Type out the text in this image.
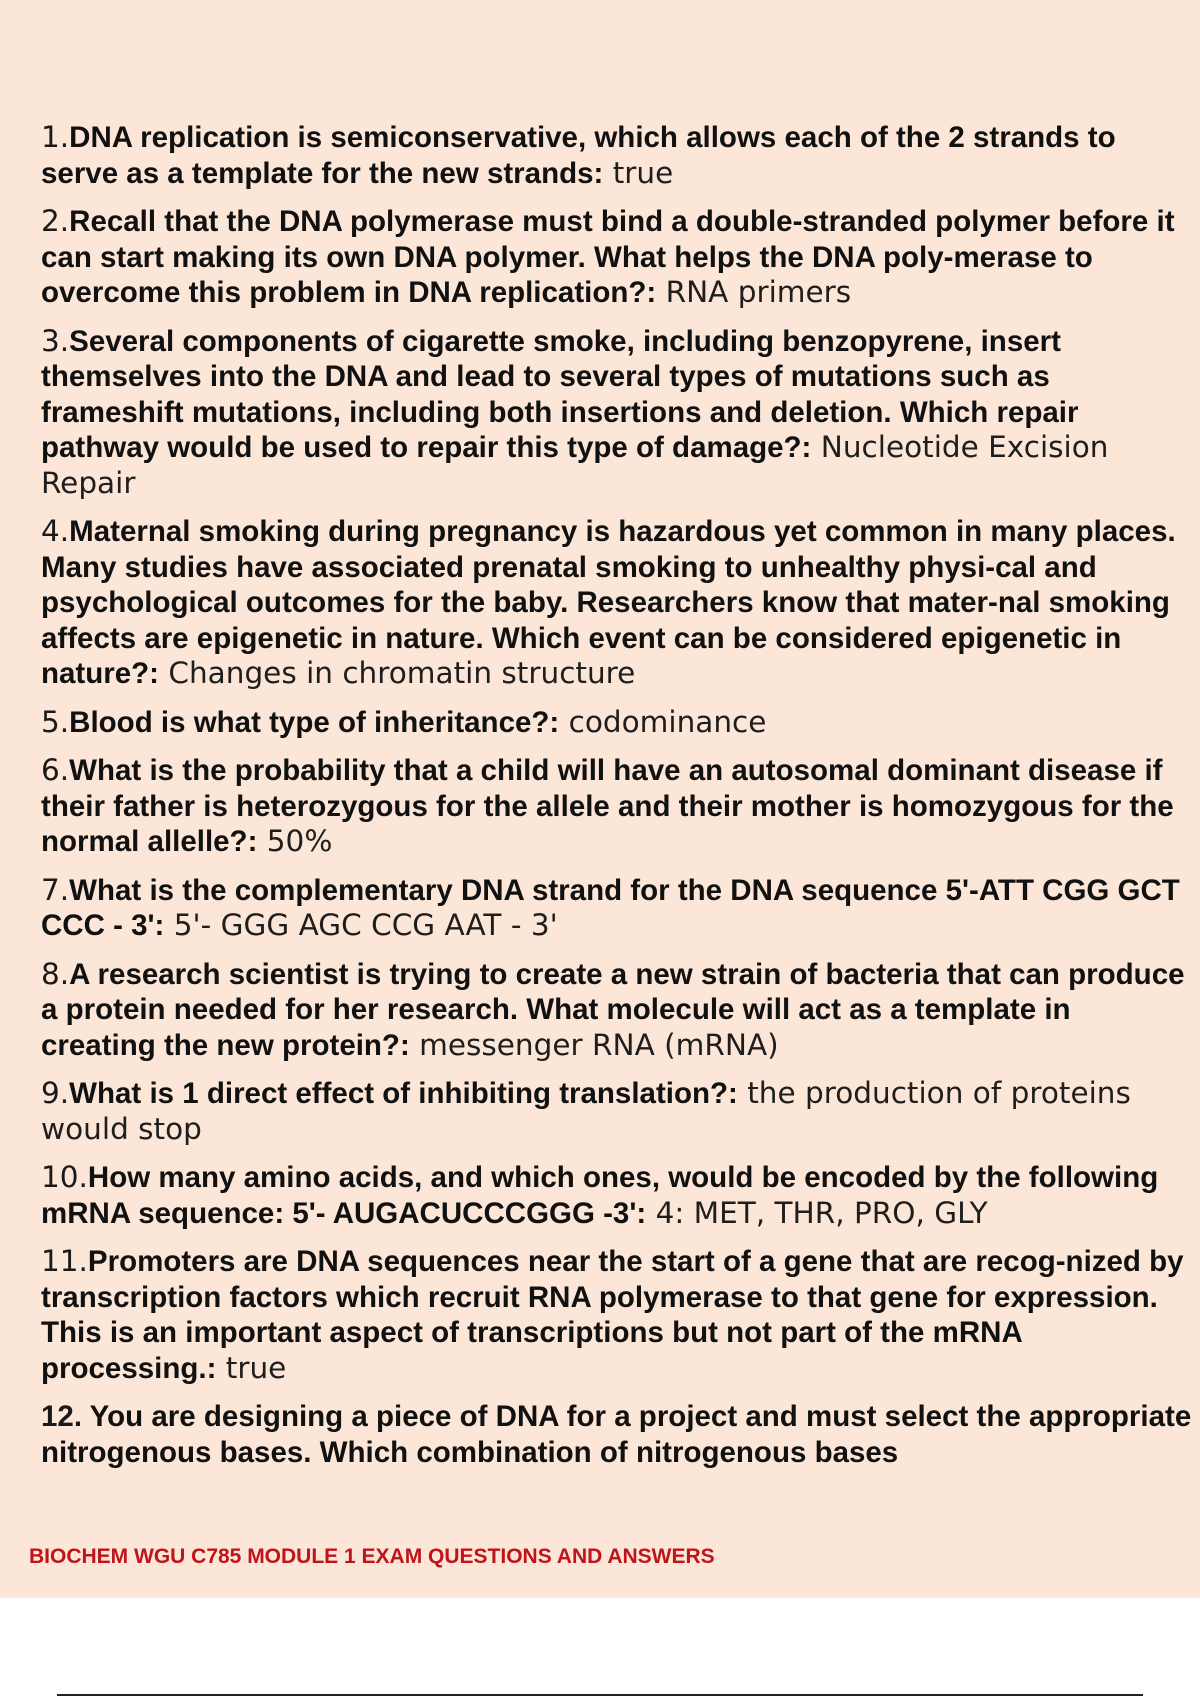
1.DNA replication is semiconservative, which allows each of the 2 strands to serve as a template for the new strands: true
2.Recall that the DNA polymerase must bind a double-stranded polymer before it can start making its own DNA polymer. What helps the DNA poly-merase to overcome this problem in DNA replication?: RNA primers
3.Several components of cigarette smoke, including benzopyrene, insert themselves into the DNA and lead to several types of mutations such as frameshift mutations, including both insertions and deletion. Which repair pathway would be used to repair this type of damage?: Nucleotide Excision Repair
4.Maternal smoking during pregnancy is hazardous yet common in many places. Many studies have associated prenatal smoking to unhealthy physi-cal and psychological outcomes for the baby. Researchers know that mater-nal smoking affects are epigenetic in nature. Which event can be considered epigenetic in nature?: Changes in chromatin structure
5.Blood is what type of inheritance?: codominance
6.What is the probability that a child will have an autosomal dominant disease if their father is heterozygous for the allele and their mother is homozygous for the normal allelle?: 50%
7.What is the complementary DNA strand for the DNA sequence 5'-ATT CGG GCT CCC - 3': 5'- GGG AGC CCG AAT - 3'
8.A research scientist is trying to create a new strain of bacteria that can produce a protein needed for her research. What molecule will act as a template in creating the new protein?: messenger RNA (mRNA)
9.What is 1 direct effect of inhibiting translation?: the production of proteins would stop
10.How many amino acids, and which ones, would be encoded by the following mRNA sequence: 5'- AUGACUCCCGGG -3': 4: MET, THR, PRO, GLY
11.Promoters are DNA sequences near the start of a gene that are recog-nized by transcription factors which recruit RNA polymerase to that gene for expression. This is an important aspect of transcriptions but not part of the mRNA processing.: true
12. You are designing a piece of DNA for a project and must select the appropriate nitrogenous bases. Which combination of nitrogenous bases
BIOCHEM WGU C785 MODULE 1 EXAM QUESTIONS AND ANSWERS
